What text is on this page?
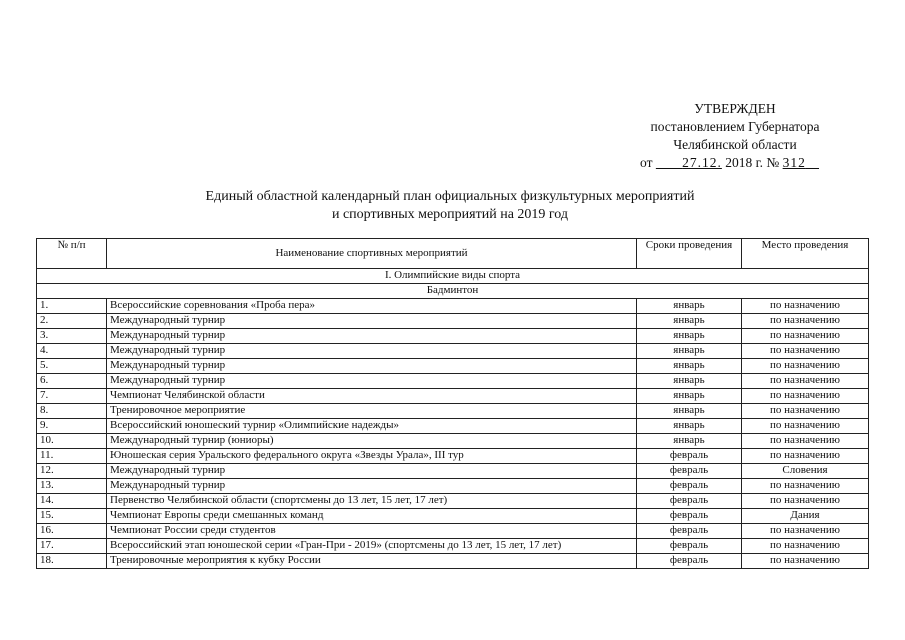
УТВЕРЖДЕН
постановлением Губернатора
Челябинской области
от 27.12. 2018 г. № 312
Единый областной календарный план официальных физкультурных мероприятий
и спортивных мероприятий на 2019 год
№ п/п	Наименование спортивных мероприятий	Сроки проведения	Место проведения
I. Олимпийские виды спорта			
Бадминтон			
1.	Всероссийские соревнования «Проба пера»	январь	по назначению
2.	Международный турнир	январь	по назначению
3.	Международный турнир	январь	по назначению
4.	Международный турнир	январь	по назначению
5.	Международный турнир	январь	по назначению
6.	Международный турнир	январь	по назначению
7.	Чемпионат Челябинской области	январь	по назначению
8.	Тренировочное мероприятие	январь	по назначению
9.	Всероссийский юношеский турнир «Олимпийские надежды»	январь	по назначению
10.	Международный турнир (юниоры)	январь	по назначению
11.	Юношеская серия Уральского федерального округа «Звезды Урала», III тур	февраль	по назначению
12.	Международный турнир	февраль	Словения
13.	Международный турнир	февраль	по назначению
14.	Первенство Челябинской области (спортсмены до 13 лет, 15 лет, 17 лет)	февраль	по назначению
15.	Чемпионат Европы среди смешанных команд	февраль	Дания
16.	Чемпионат России среди студентов	февраль	по назначению
17.	Всероссийский этап юношеской серии «Гран-При - 2019» (спортсмены до 13 лет, 15 лет, 17 лет)	февраль	по назначению
18.	Тренировочные мероприятия к кубку России	февраль	по назначению
